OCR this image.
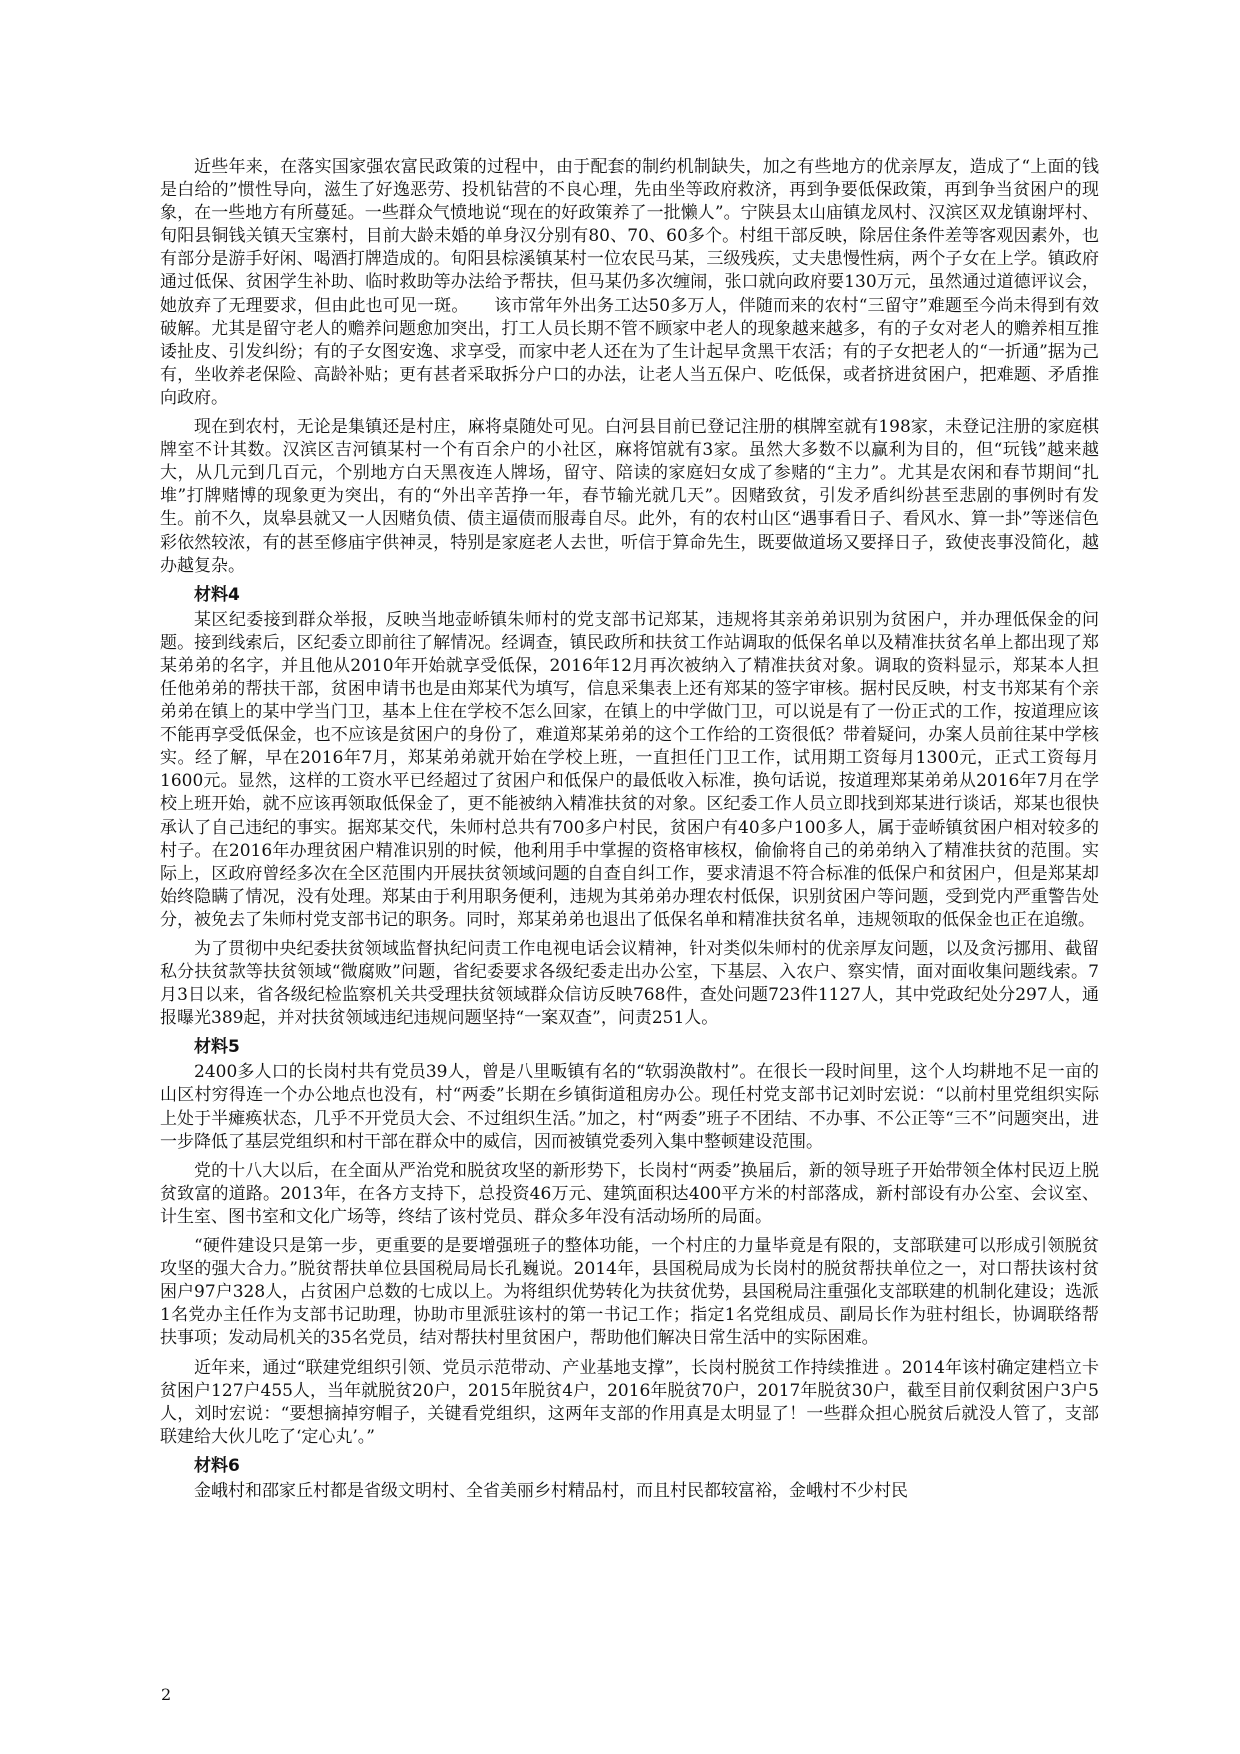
近些年来，在落实国家强农富民政策的过程中，由于配套的制约机制缺失，加之有些地方的优亲厚友，造成了“上面的钱是白给的”惯性导向，滋生了好逸恶劳、投机钻营的不良心理，先由坐等政府救济，再到争要低保政策，再到争当贫困户的现象，在一些地方有所蔓延。一些群众气愤地说“现在的好政策养了一批懒人”。宁陕县太山庙镇龙凤村、汉滨区双龙镇谢坪村、旬阳县铜钱关镇天宝寨村，目前大龄未婚的单身汉分别有80、70、60多个。村组干部反映，除居住条件差等客观因素外，也有部分是游手好闲、喝酒打牌造成的。旬阳县棕溪镇某村一位农民马某，三级残疾，丈夫患慢性病，两个子女在上学。镇政府通过低保、贫困学生补助、临时救助等办法给予帮扶，但马某仍多次缠闹，张口就向政府要130万元，虽然通过道德评议会，她放弃了无理要求，但由此也可见一斑。　　该市常年外出务工达50多万人，伴随而来的农村“三留守”难题至今尚未得到有效破解。尤其是留守老人的赡养问题愈加突出，打工人员长期不管不顾家中老人的现象越来越多，有的子女对老人的赡养相互推诿扯皮、引发纠纷；有的子女图安逸、求享受，而家中老人还在为了生计起早贪黑干农活；有的子女把老人的“一折通”据为己有，坐收养老保险、高龄补贴；更有甚者采取拆分户口的办法，让老人当五保户、吃低保，或者挤进贫困户，把难题、矛盾推向政府。

现在到农村，无论是集镇还是村庄，麻将桌随处可见。白河县目前已登记注册的棋牌室就有198家，未登记注册的家庭棋牌室不计其数。汉滨区吉河镇某村一个有百余户的小社区，麻将馆就有3家。虽然大多数不以赢利为目的，但“玩钱”越来越大，从几元到几百元，个别地方白天黑夜连人牌场，留守、陪读的家庭妇女成了参赌的“主力”。尤其是农闲和春节期间“扎堆”打牌赌博的现象更为突出，有的“外出辛苦挣一年，春节输光就几天”。因赌致贫，引发矛盾纠纷甚至悲剧的事例时有发生。前不久，岚皋县就又一人因赌负债、债主逼债而服毒自尽。此外，有的农村山区“遇事看日子、看风水、算一卦”等迷信色彩依然较浓，有的甚至修庙宇供神灵，特别是家庭老人去世，听信于算命先生，既要做道场又要择日子，致使丧事没简化，越办越复杂。

材料4

某区纪委接到群众举报，反映当地壶峤镇朱师村的党支部书记郑某，违规将其亲弟弟识别为贫困户，并办理低保金的问题。接到线索后，区纪委立即前往了解情况。经调查，镇民政所和扶贫工作站调取的低保名单以及精准扶贫名单上都出现了郑某弟弟的名字，并且他从2010年开始就享受低保，2016年12月再次被纳入了精准扶贫对象。调取的资料显示，郑某本人担任他弟弟的帮扶干部，贫困申请书也是由郑某代为填写，信息采集表上还有郑某的签字审核。据村民反映，村支书郑某有个亲弟弟在镇上的某中学当门卫，基本上住在学校不怎么回家，在镇上的中学做门卫，可以说是有了一份正式的工作，按道理应该不能再享受低保金，也不应该是贫困户的身份了，难道郑某弟弟的这个工作给的工资很低？带着疑问，办案人员前往某中学核实。经了解，早在2016年7月，郑某弟弟就开始在学校上班，一直担任门卫工作，试用期工资每月1300元，正式工资每月1600元。显然，这样的工资水平已经超过了贫困户和低保户的最低收入标准，换句话说，按道理郑某弟弟从2016年7月在学校上班开始，就不应该再领取低保金了，更不能被纳入精准扶贫的对象。区纪委工作人员立即找到郑某进行谈话，郑某也很快承认了自己违纪的事实。据郑某交代，朱师村总共有700多户村民，贫困户有40多户100多人，属于壶峤镇贫困户相对较多的村子。在2016年办理贫困户精准识别的时候，他利用手中掌握的资格审核权，偷偷将自己的弟弟纳入了精准扶贫的范围。实际上，区政府曾经多次在全区范围内开展扶贫领域问题的自查自纠工作，要求清退不符合标准的低保户和贫困户，但是郑某却始终隐瞒了情况，没有处理。郑某由于利用职务便利，违规为其弟弟办理农村低保，识别贫困户等问题，受到党内严重警告处分，被免去了朱师村党支部书记的职务。同时，郑某弟弟也退出了低保名单和精准扶贫名单，违规领取的低保金也正在追缴。

为了贯彻中央纪委扶贫领域监督执纪问责工作电视电话会议精神，针对类似朱师村的优亲厚友问题，以及贪污挪用、截留私分扶贫款等扶贫领域“微腐败”问题，省纪委要求各级纪委走出办公室，下基层、入农户、察实情，面对面收集问题线索。7月3日以来，省各级纪检监察机关共受理扶贫领域群众信访反映768件，查处问题723件1127人，其中党政纪处分297人，通报曝光389起，并对扶贫领域违纪违规问题坚持“一案双查”，问责251人。

材料5

2400多人口的长岗村共有党员39人，曾是八里畈镇有名的“软弱涣散村”。在很长一段时间里，这个人均耕地不足一亩的山区村穷得连一个办公地点也没有，村“两委”长期在乡镇街道租房办公。现任村党支部书记刘时宏说：“以前村里党组织实际上处于半瘫痪状态，几乎不开党员大会、不过组织生活。”加之，村“两委”班子不团结、不办事、不公正等“三不”问题突出，进一步降低了基层党组织和村干部在群众中的威信，因而被镇党委列入集中整顿建设范围。

党的十八大以后，在全面从严治党和脱贫攻坚的新形势下，长岗村“两委”换届后，新的领导班子开始带领全体村民迈上脱贫致富的道路。2013年，在各方支持下，总投资46万元、建筑面积达400平方米的村部落成，新村部设有办公室、会议室、计生室、图书室和文化广场等，终结了该村党员、群众多年没有活动场所的局面。

“硬件建设只是第一步，更重要的是要增强班子的整体功能，一个村庄的力量毕竟是有限的，支部联建可以形成引领脱贫攻坚的强大合力。”脱贫帮扶单位县国税局局长孔巍说。2014年，县国税局成为长岗村的脱贫帮扶单位之一，对口帮扶该村贫困户97户328人，占贫困户总数的七成以上。为将组织优势转化为扶贫优势，县国税局注重强化支部联建的机制化建设；选派1名党办主任作为支部书记助理，协助市里派驻该村的第一书记工作；指定1名党组成员、副局长作为驻村组长，协调联络帮扶事项；发动局机关的35名党员，结对帮扶村里贫困户，帮助他们解决日常生活中的实际困难。

近年来，通过“联建党组织引领、党员示范带动、产业基地支撑”，长岗村脱贫工作持续推进 。2014年该村确定建档立卡贫困户127户455人，当年就脱贫20户，2015年脱贫4户，2016年脱贫70户，2017年脱贫30户，截至目前仅剩贫困户3户5人，刘时宏说：“要想摘掉穷帽子，关键看党组织，这两年支部的作用真是太明显了！一些群众担心脱贫后就没人管了，支部联建给大伙儿吃了‘定心丸’。”

材料6

金峨村和邵家丘村都是省级文明村、全省美丽乡村精品村，而且村民都较富裕，金峨村不少村民

2
